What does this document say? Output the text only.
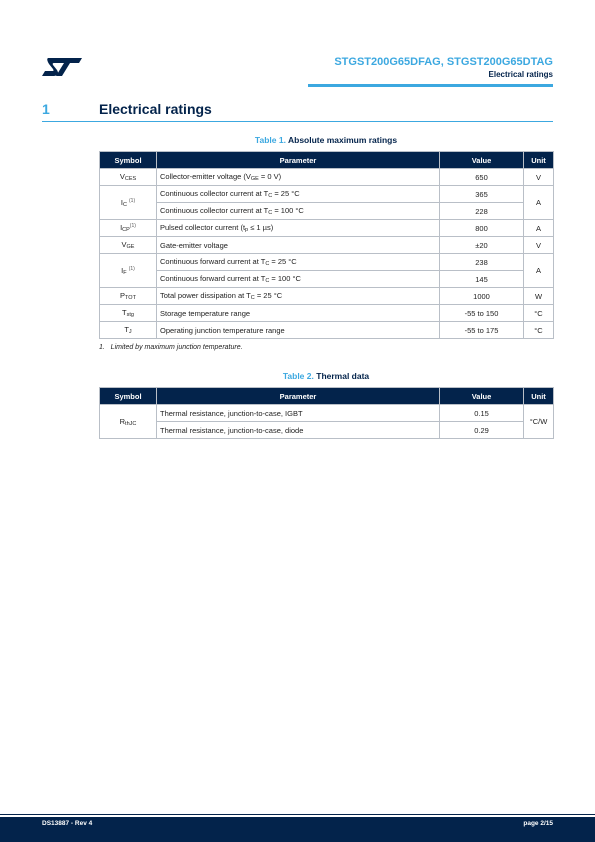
STGST200G65DFAG, STGST200G65DTAG
Electrical ratings
1	Electrical ratings
Table 1. Absolute maximum ratings
Symbol	Parameter	Value	Unit
VCES	Collector-emitter voltage (VGE = 0 V)	650	V
IC $^{(1)}$	Continuous collector current at TC = 25 °C	365	A
	Continuous collector current at TC = 100 °C	228	
ICP$^{(1)}$	Pulsed collector current (tp ≤ 1 µs)	800	A
VGE	Gate-emitter voltage	±20	V
IF $^{(1)}$	Continuous forward current at TC = 25 °C	238	A
	Continuous forward current at TC = 100 °C	145	
PTOT	Total power dissipation at TC = 25 °C	1000	W
Tstg	Storage temperature range	-55 to 150	°C
TJ	Operating junction temperature range	-55 to 175	°C
1.   Limited by maximum junction temperature.
Table 2. Thermal data
Symbol	Parameter	Value	Unit
RthJC	Thermal resistance, junction-to-case, IGBT	0.15	°C/W
	Thermal resistance, junction-to-case, diode	0.29	
DS13887 - Rev 4	page 2/15
